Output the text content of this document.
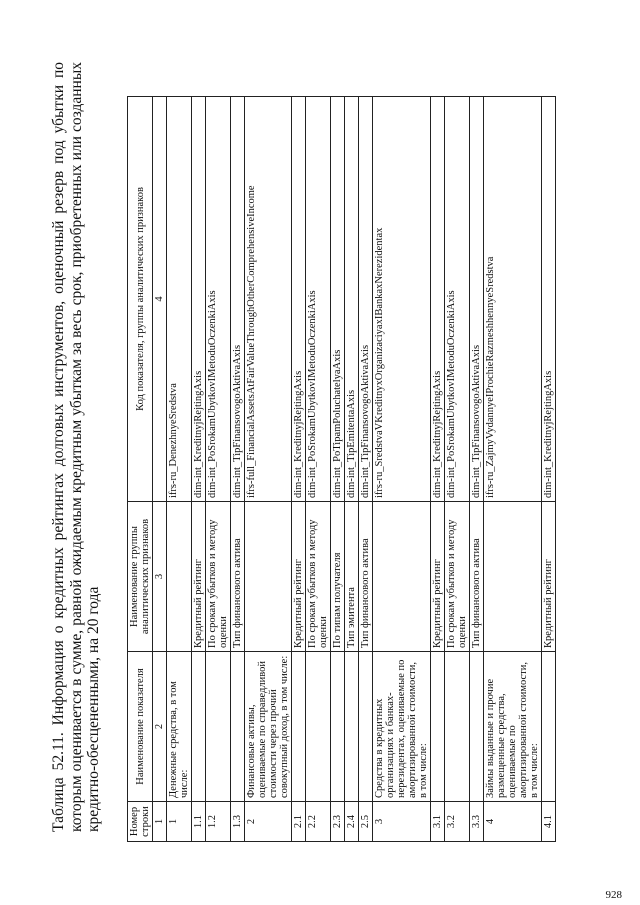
Таблица 52.11. Информация о кредитных рейтингах долговых инструментов, оценочный резерв под убытки по которым оценивается в сумме, равной ожидаемым кредитным убыткам за весь срок, приобретенных или созданных кредитно-обесцененными, на 20 года	Номер строки	Наименование показателя	Наименование группы аналитических признаков	Код показателя, группы аналитических признаков
1	2	3	4
1	Денежные средства, в том числе:		ifrs-ru_DenezhnyeSredstva
1.1		Кредитный рейтинг	dim-int_KreditnyjRejtingAxis
1.2		По срокам убытков и методу оценки	dim-int_PoSrokamUbytkovIMetoduOczenkiAxis
1.3		Тип финансового актива	dim-int_TipFinansovogoAktivaAxis
2	Финансовые активы, оцениваемые по справедливой стоимости через прочий совокупный доход, в том числе:		ifrs-full_FinancialAssetsAtFairValueThroughOtherComprehensiveIncome
2.1		Кредитный рейтинг	dim-int_KreditnyjRejtingAxis
2.2		По срокам убытков и методу оценки	dim-int_PoSrokamUbytkovIMetoduOczenkiAxis
2.3		По типам получателя	dim-int_PoTipamPoluchatelyaAxis
2.4		Тип эмитента	dim-int_TipEmitentaAxis
2.5		Тип финансового актива	dim-int_TipFinansovogoAktivaAxis
3	Средства в кредитных организациях и банках-нерезидентах, оцениваемые по амортизированной стоимости, в том числе:		ifrs-ru_SredstvaVKreditnyxOrganizaciyaxIBankaxNerezidentax
3.1		Кредитный рейтинг	dim-int_KreditnyjRejtingAxis
3.2		По срокам убытков и методу оценки	dim-int_PoSrokamUbytkovIMetoduOczenkiAxis
3.3		Тип финансового актива	dim-int_TipFinansovogoAktivaAxis
4	Займы выданные и прочие размещенные средства, оцениваемые по амортизированной стоимости, в том числе:		ifrs-ru_ZajmyVydannyeIProchieRazmeshhennyeSredstva
4.1		Кредитный рейтинг	dim-int_KreditnyjRejtingAxis
928
